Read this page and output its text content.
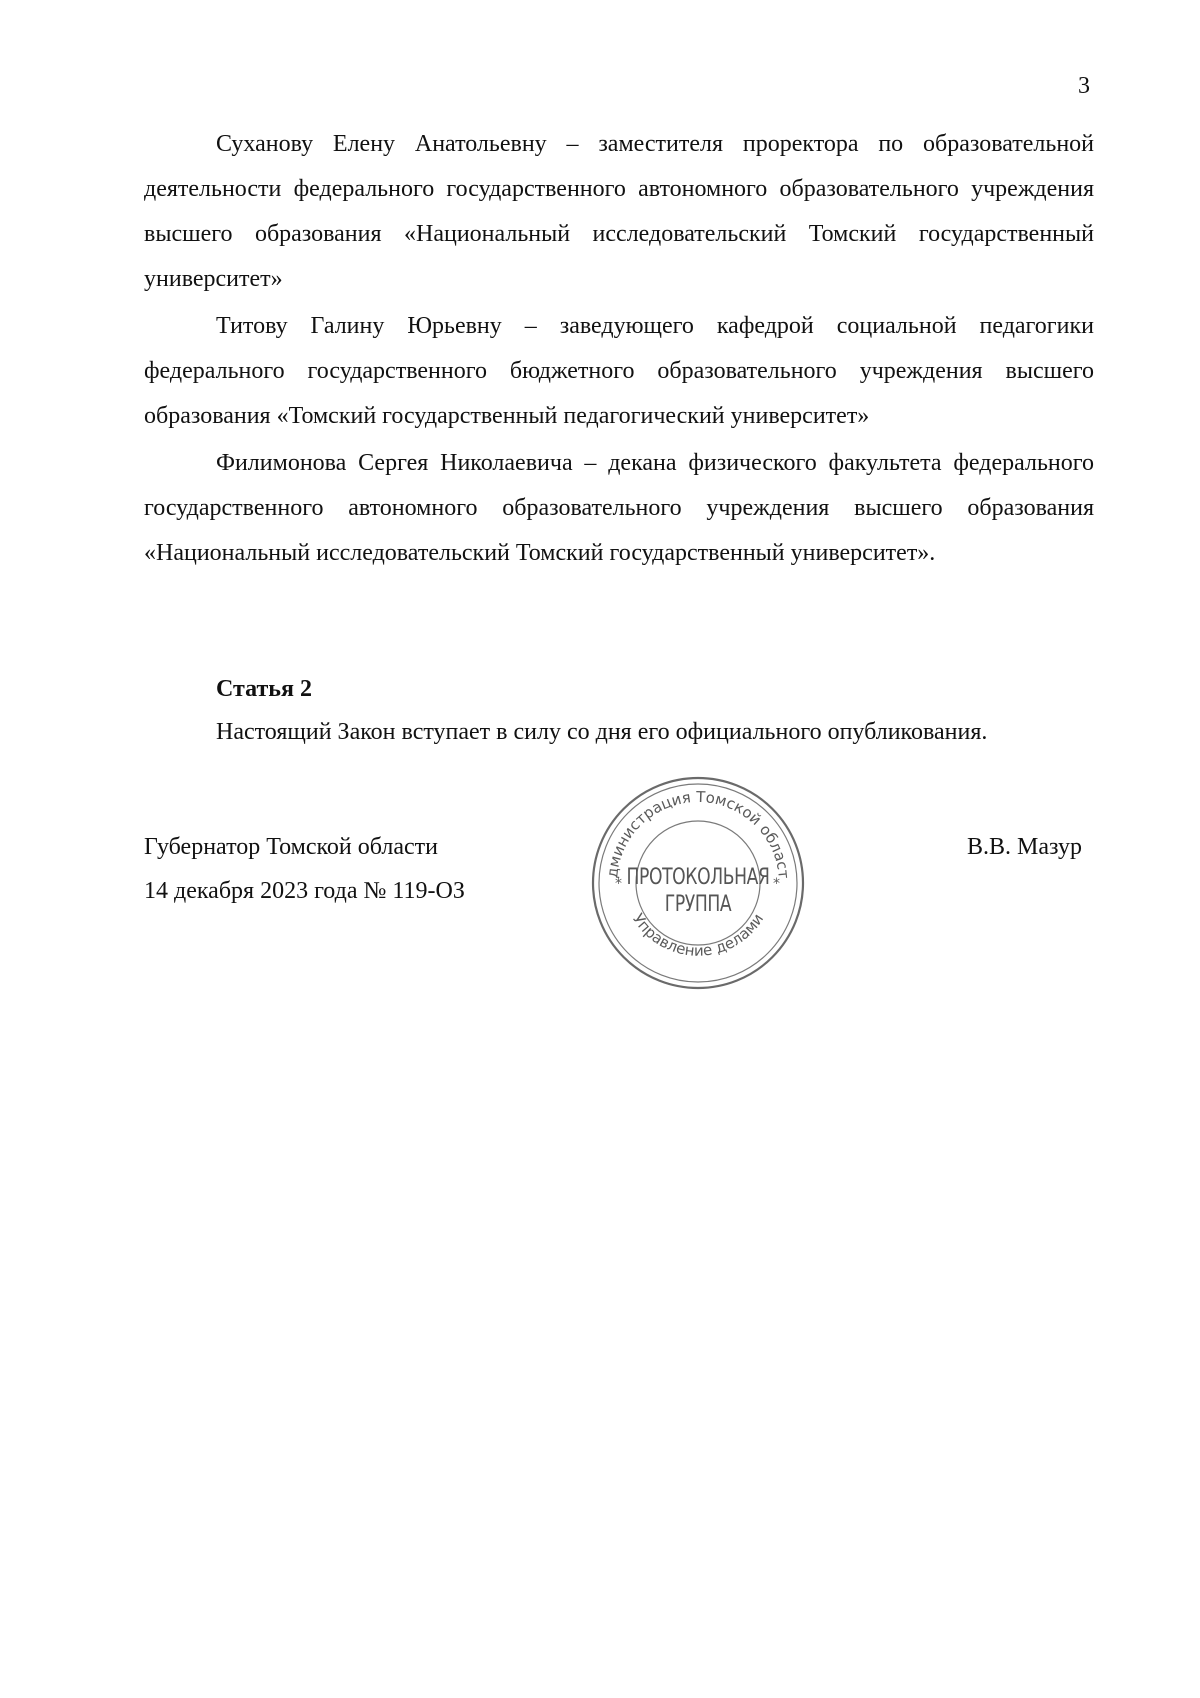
3

Суханову Елену Анатольевну – заместителя проректора по образовательной деятельности федерального государственного автономного образовательного учреждения высшего образования «Национальный исследовательский Томский государственный университет»

Титову Галину Юрьевну – заведующего кафедрой социальной педагогики федерального государственного бюджетного образовательного учреждения высшего образования «Томский государственный педагогический университет»

Филимонова Сергея Николаевича – декана физического факультета федерального государственного автономного образовательного учреждения высшего образования «Национальный исследовательский Томский государственный университет».

Статья 2

Настоящий Закон вступает в силу со дня его официального опубликования.

Губернатор Томской области
14 декабря 2023 года № 119-ОЗ
В.В. Мазур
дминистрация Томской област
Управление делами
*	*
ПРОТОКОЛЬНАЯ
ГРУППА
